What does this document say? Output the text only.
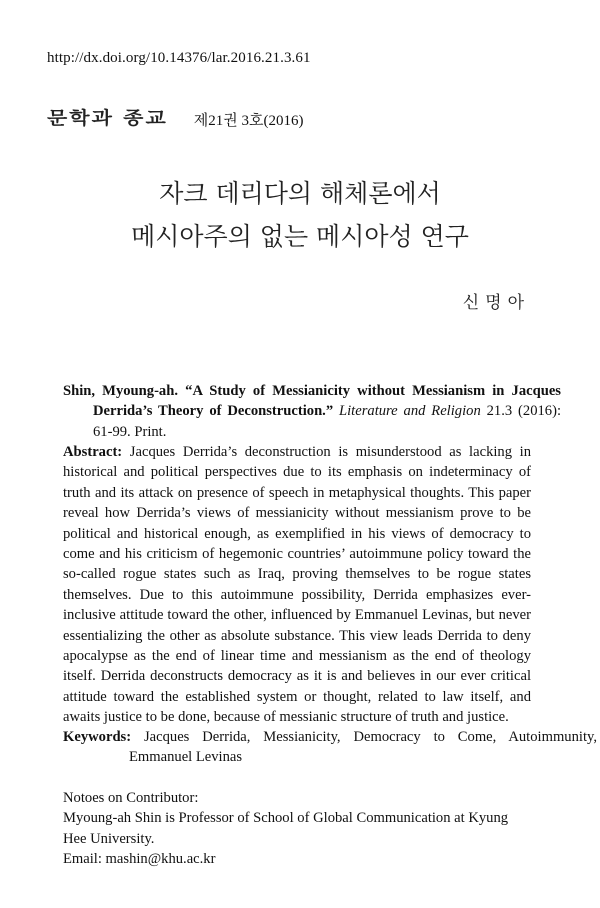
http://dx.doi.org/10.14376/lar.2016.21.3.61
문학과 종교 제21권 3호(2016)
자크 데리다의 해체론에서
메시아주의 없는 메시아성 연구
신명아
Shin, Myoung-ah. “A Study of Messianicity without Messianism in Jacques Derrida’s Theory of Deconstruction.” Literature and Religion 21.3 (2016): 61-99. Print.
Abstract: Jacques Derrida’s deconstruction is misunderstood as lacking in historical and political perspectives due to its emphasis on indeterminacy of truth and its attack on presence of speech in metaphysical thoughts. This paper reveal how Derrida’s views of messianicity without messianism prove to be political and historical enough, as exemplified in his views of democracy to come and his criticism of hegemonic countries’ autoimmune policy toward the so-called rogue states such as Iraq, proving themselves to be rogue states themselves. Due to this autoimmune possibility, Derrida emphasizes ever-inclusive attitude toward the other, influenced by Emmanuel Levinas, but never essentializing the other as absolute substance. This view leads Derrida to deny apocalypse as the end of linear time and messianism as the end of theology itself. Derrida deconstructs democracy as it is and believes in our ever critical attitude toward the established system or thought, related to law itself, and awaits justice to be done, because of messianic structure of truth and justice.
Keywords: Jacques Derrida, Messianicity, Democracy to Come, Autoimmunity, Emmanuel Levinas
Notoes on Contributor:
Myoung-ah Shin is Professor of School of Global Communication at Kyung Hee University.
Email: mashin@khu.ac.kr
